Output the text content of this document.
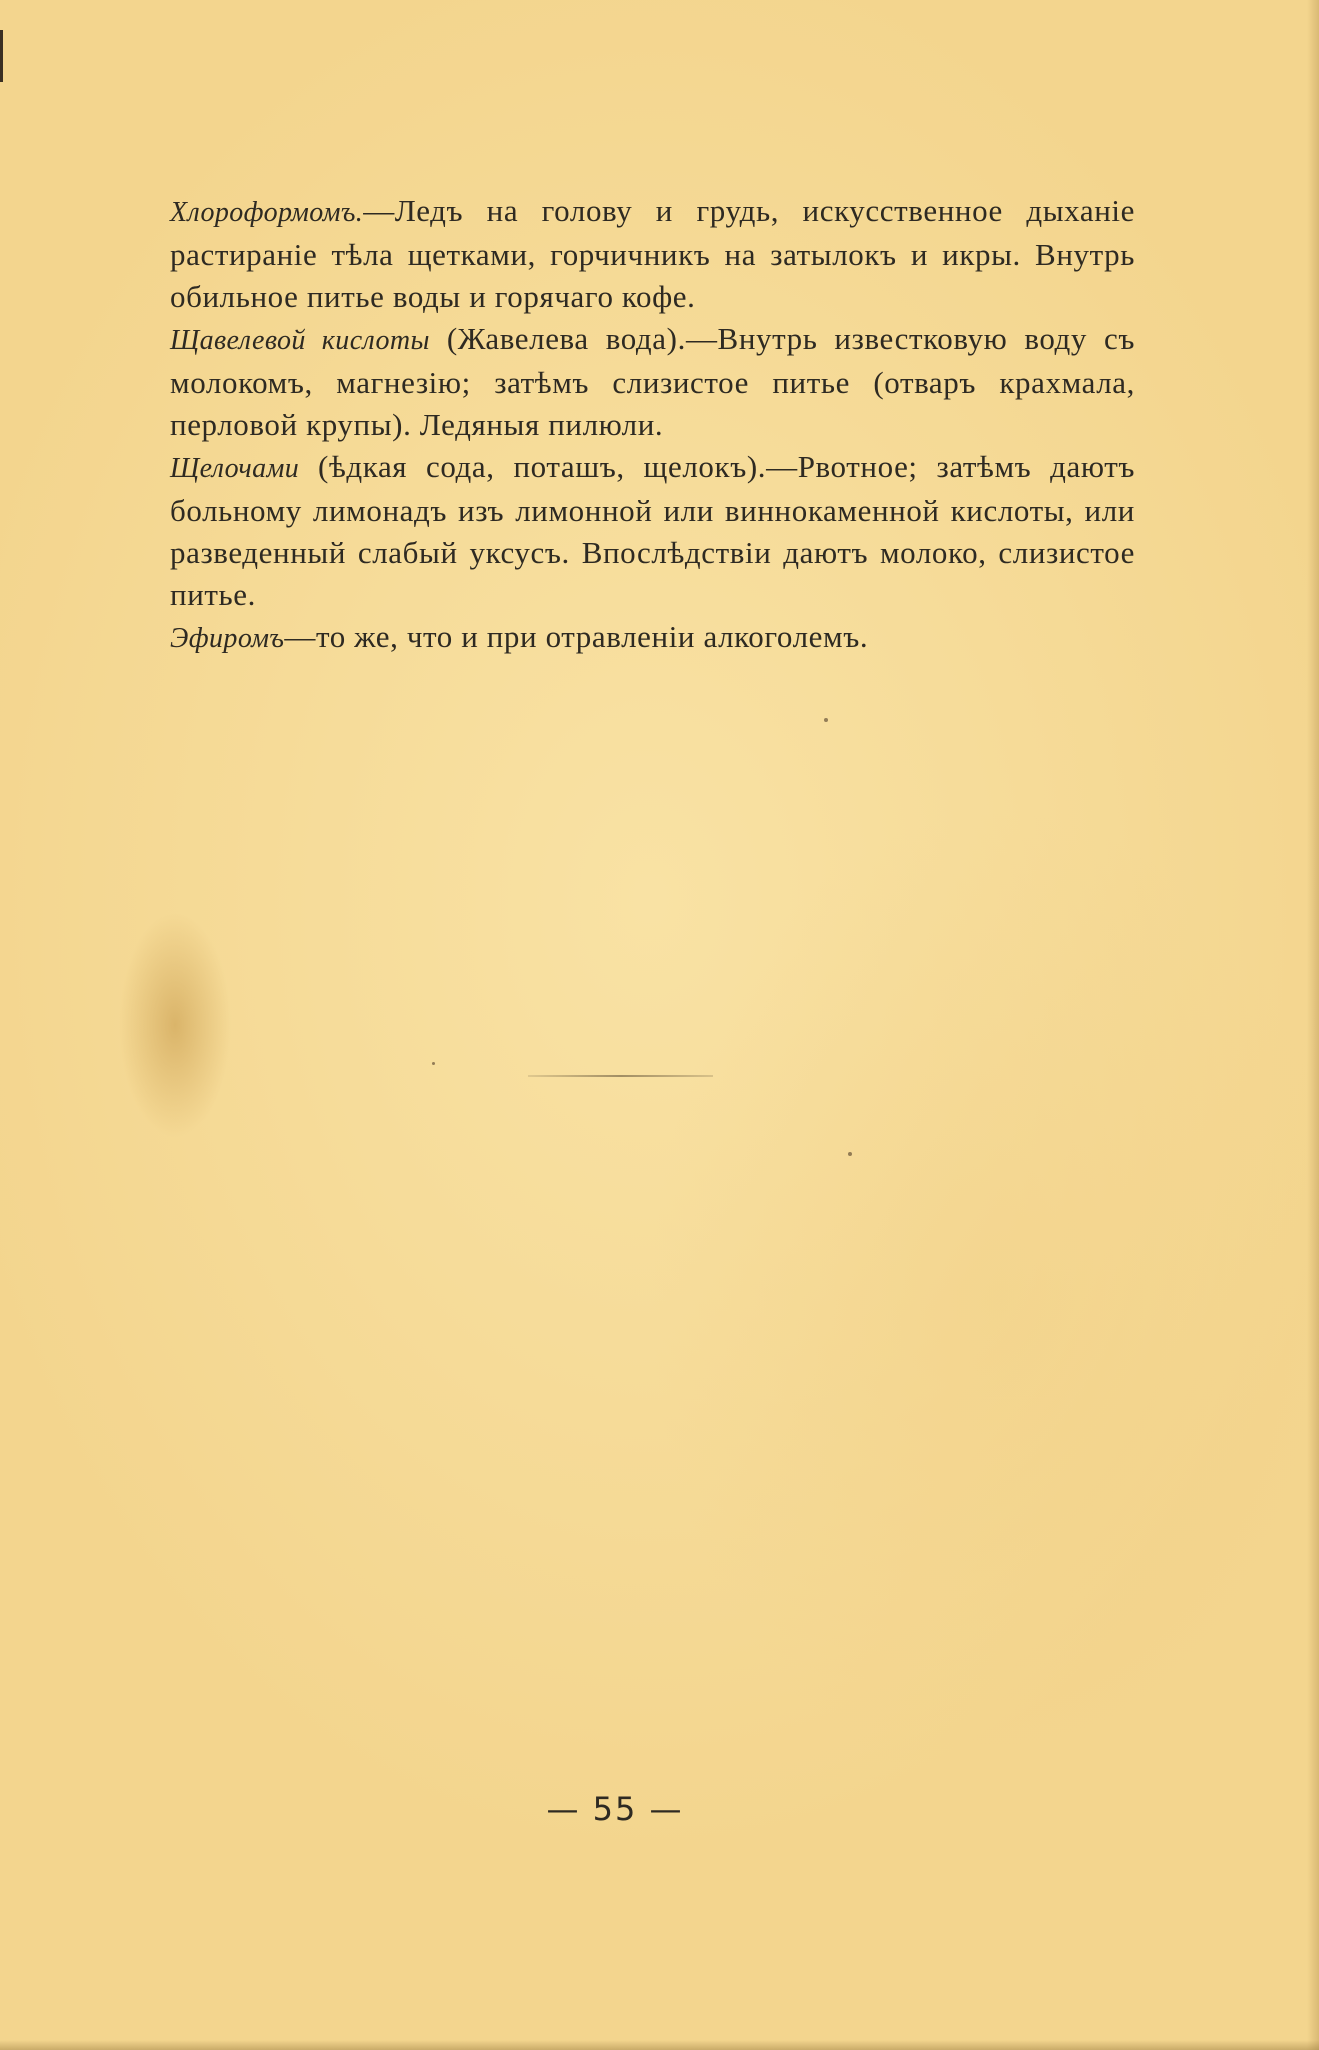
Хлороформомъ.—Ледъ на голову и грудь, искусственное дыханіе растираніе тѣла щетками, горчичникъ на затылокъ и икры. Внутрь обильное питье воды и горячаго кофе.

Щавелевой кислоты (Жавелева вода).—Внутрь известковую воду съ молокомъ, магнезію; затѣмъ слизистое питье (отваръ крахмала, перловой крупы). Ледяныя пилюли.

Щелочами (ѣдкая сода, поташъ, щелокъ).—Рвотное; затѣмъ даютъ больному лимонадъ изъ лимонной или виннокаменной кислоты, или разведенный слабый уксусъ. Впослѣдствіи даютъ молоко, слизистое питье.

Эфиромъ—то же, что и при отравленіи алкоголемъ.

— 55 —
